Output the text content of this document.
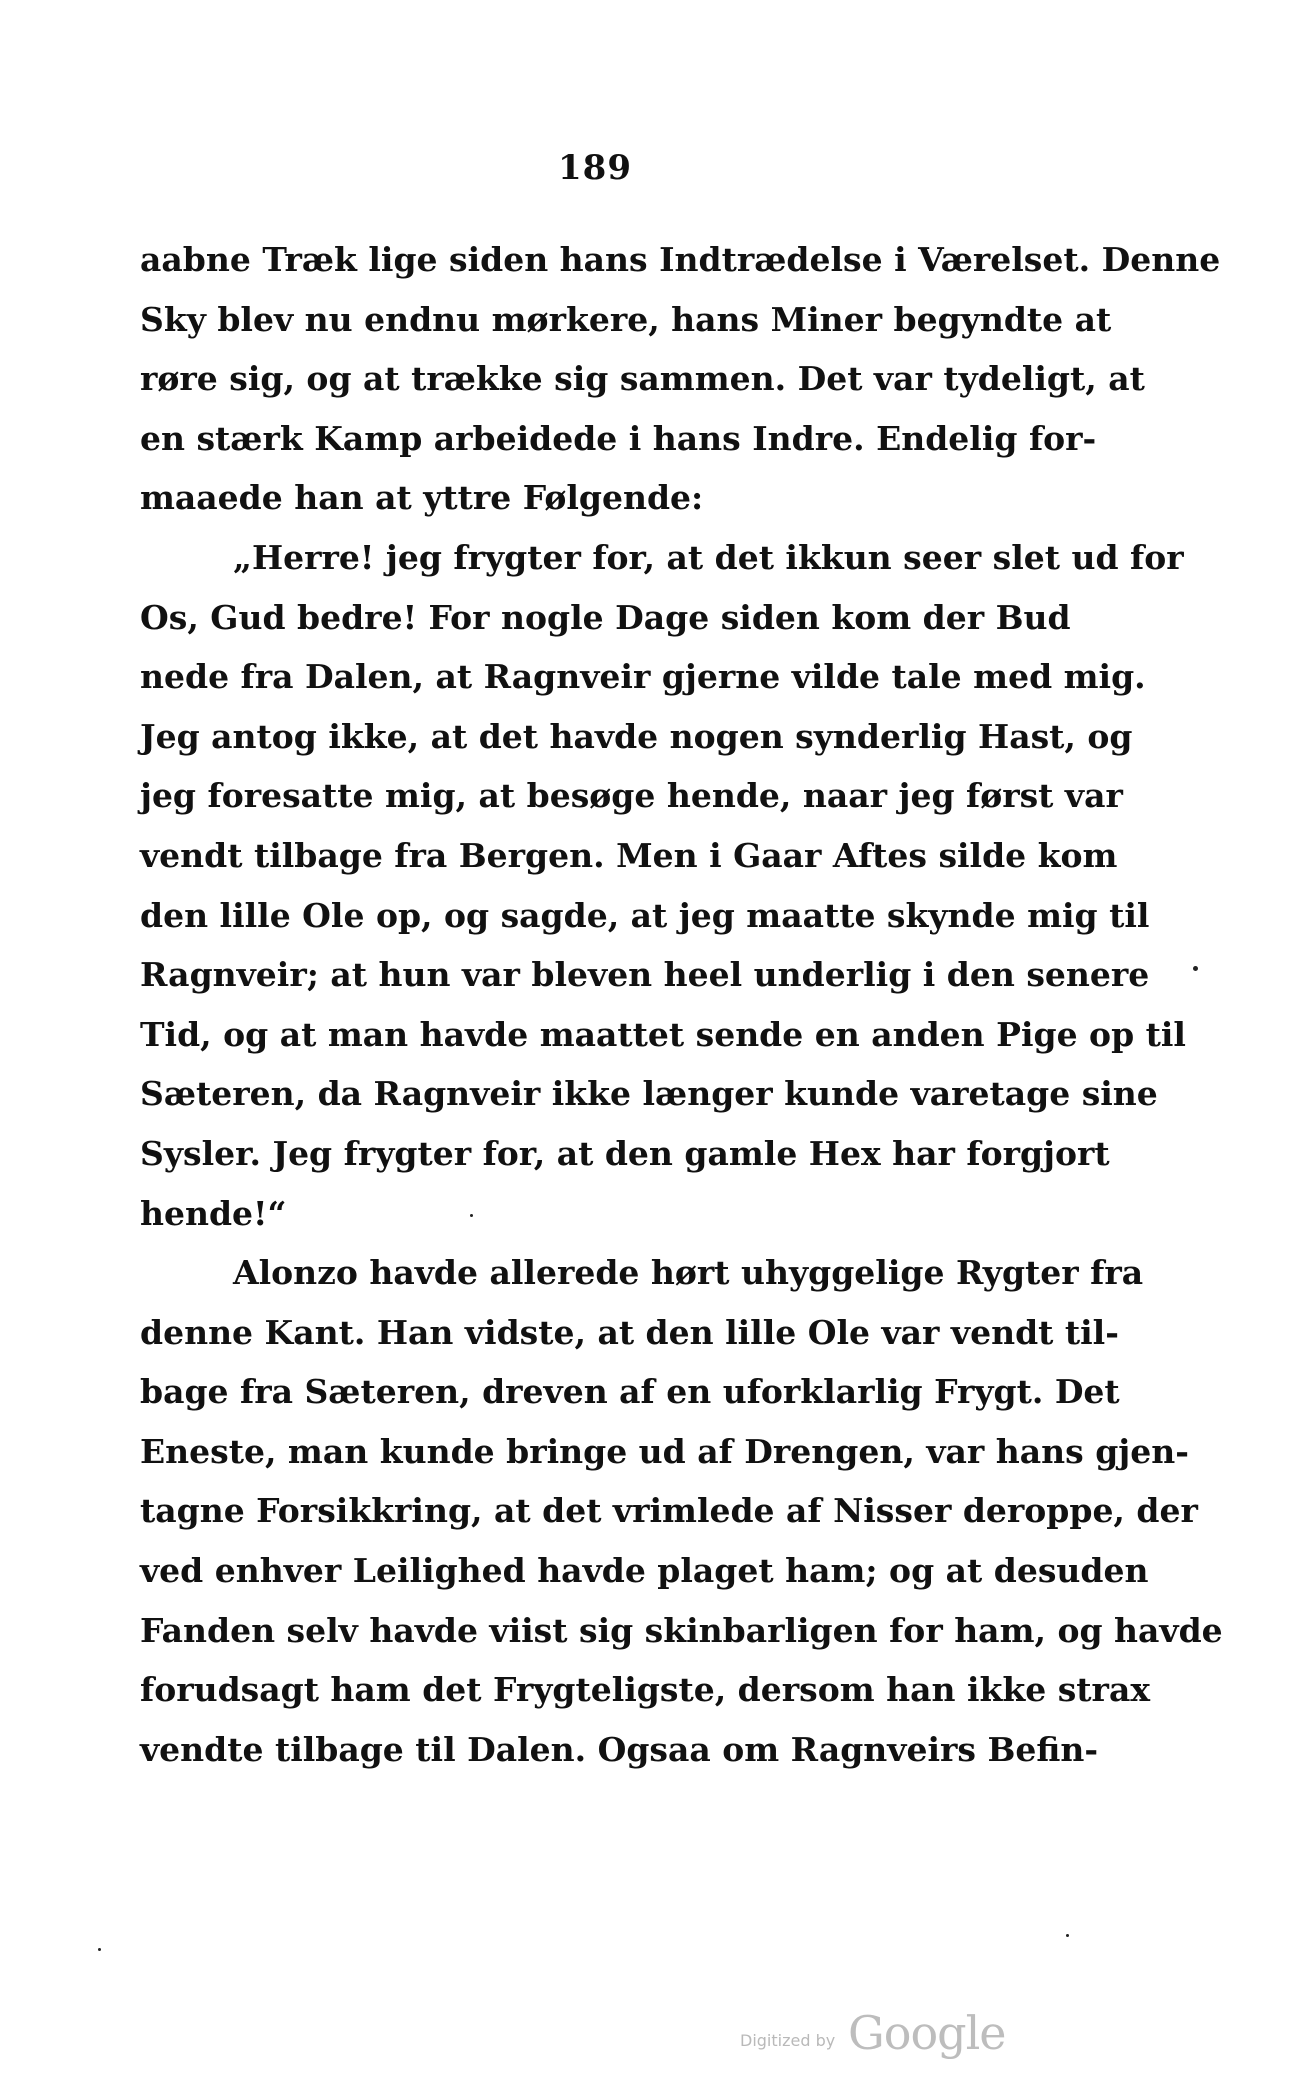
189
aabne Træk lige siden hans Indtrædelse i Værelset. Denne
Sky blev nu endnu mørkere, hans Miner begyndte at
røre sig, og at trække sig sammen. Det var tydeligt, at
en stærk Kamp arbeidede i hans Indre. Endelig for-
maaede han at yttre Følgende:
„Herre! jeg frygter for, at det ikkun seer slet ud for
Os, Gud bedre! For nogle Dage siden kom der Bud
nede fra Dalen, at Ragnveir gjerne vilde tale med mig.
Jeg antog ikke, at det havde nogen synderlig Hast, og
jeg foresatte mig, at besøge hende, naar jeg først var
vendt tilbage fra Bergen. Men i Gaar Aftes silde kom
den lille Ole op, og sagde, at jeg maatte skynde mig til
Ragnveir; at hun var bleven heel underlig i den senere
Tid, og at man havde maattet sende en anden Pige op til
Sæteren, da Ragnveir ikke længer kunde varetage sine
Sysler. Jeg frygter for, at den gamle Hex har forgjort
hende!“
Alonzo havde allerede hørt uhyggelige Rygter fra
denne Kant. Han vidste, at den lille Ole var vendt til-
bage fra Sæteren, dreven af en uforklarlig Frygt. Det
Eneste, man kunde bringe ud af Drengen, var hans gjen-
tagne Forsikkring, at det vrimlede af Nisser deroppe, der
ved enhver Leilighed havde plaget ham; og at desuden
Fanden selv havde viist sig skinbarligen for ham, og havde
forudsagt ham det Frygteligste, dersom han ikke strax
vendte tilbage til Dalen. Ogsaa om Ragnveirs Befin-
Digitized by Google
